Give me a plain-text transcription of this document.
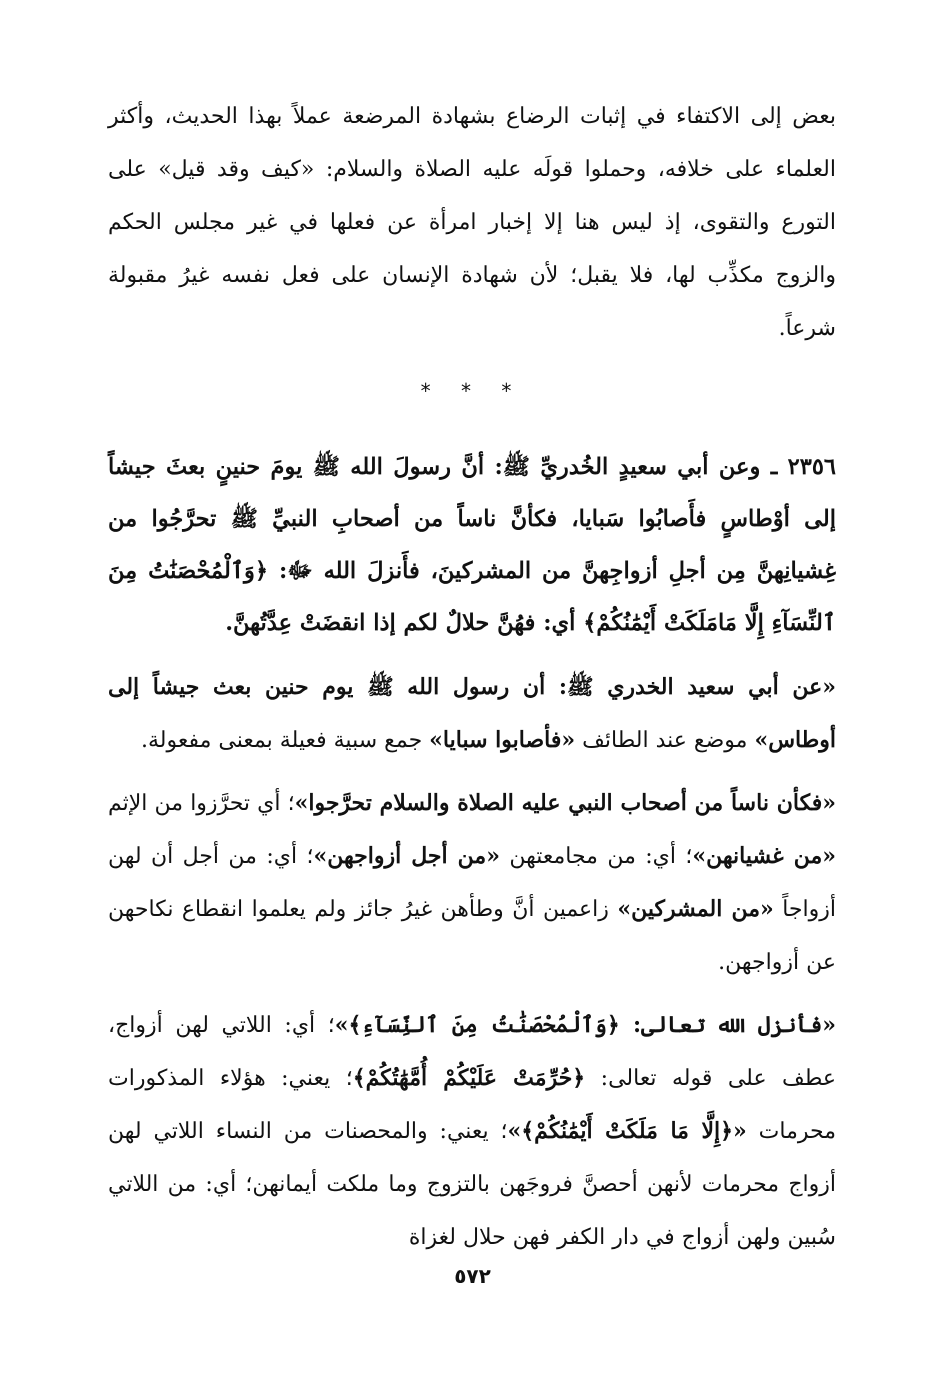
بعض إلى الاكتفاء في إثبات الرضاع بشهادة المرضعة عملاً بهذا الحديث، وأكثر العلماء على خلافه، وحملوا قولَه عليه الصلاة والسلام: «كيف وقد قيل» على التورع والتقوى، إذ ليس هنا إلا إخبار امرأة عن فعلها في غير مجلس الحكم والزوج مكذِّب لها، فلا يقبل؛ لأن شهادة الإنسان على فعل نفسه غيرُ مقبولة شرعاً.

* * *

٢٣٥٦ ـ وعن أبي سعيدٍ الخُدريِّ ﷺ: أنَّ رسولَ الله ﷺ يومَ حنينٍ بعثَ جيشاً إلى أوْطاسٍ فأَصابُوا سَبايا، فكأنَّ ناساً من أصحابِ النبيِّ ﷺ تحرَّجُوا من غِشيانِهنَّ مِن أجلِ أزواجِهنَّ من المشركينَ، فأَنزلَ الله ﷻ: ﴿وَٱلْمُحْصَنَٰتُ مِنَ ٱلنِّسَآءِ إِلَّا مَامَلَكَتْ أَيْمَٰنُكُمْ﴾ أي: فهُنَّ حلالٌ لكم إذا انقضَتْ عِدَّتُهنَّ.

«عن أبي سعيد الخدري ﷺ: أن رسول الله ﷺ يوم حنين بعث جيشاً إلى أوطاس» موضع عند الطائف «فأصابوا سبايا» جمع سبية فعيلة بمعنى مفعولة.

«فكأن ناساً من أصحاب النبي عليه الصلاة والسلام تحرَّجوا»؛ أي تحرَّزوا من الإثم «من غشيانهن»؛ أي: من مجامعتهن «من أجل أزواجهن»؛ أي: من أجل أن لهن أزواجاً «من المشركين» زاعمين أنَّ وطأهن غيرُ جائز ولم يعلموا انقطاع نكاحهن عن أزواجهن.

«فأنزل الله تعالى: ﴿وَٱلْمُحْصَنَٰتُ مِنَ ٱلنِّسَآءِ﴾»؛ أي: اللاتي لهن أزواج، عطف على قوله تعالى: ﴿حُرِّمَتْ عَلَيْكُمْ أُمَّهَٰتُكُمْ﴾؛ يعني: هؤلاء المذكورات محرمات «﴿إِلَّا مَا مَلَكَتْ أَيْمَٰنُكُمْ﴾»؛ يعني: والمحصنات من النساء اللاتي لهن أزواج محرمات لأنهن أحصنَّ فروجَهن بالتزوج وما ملكت أيمانهن؛ أي: من اللاتي سُبين ولهن أزواج في دار الكفر فهن حلال لغزاة

٥٧٢
